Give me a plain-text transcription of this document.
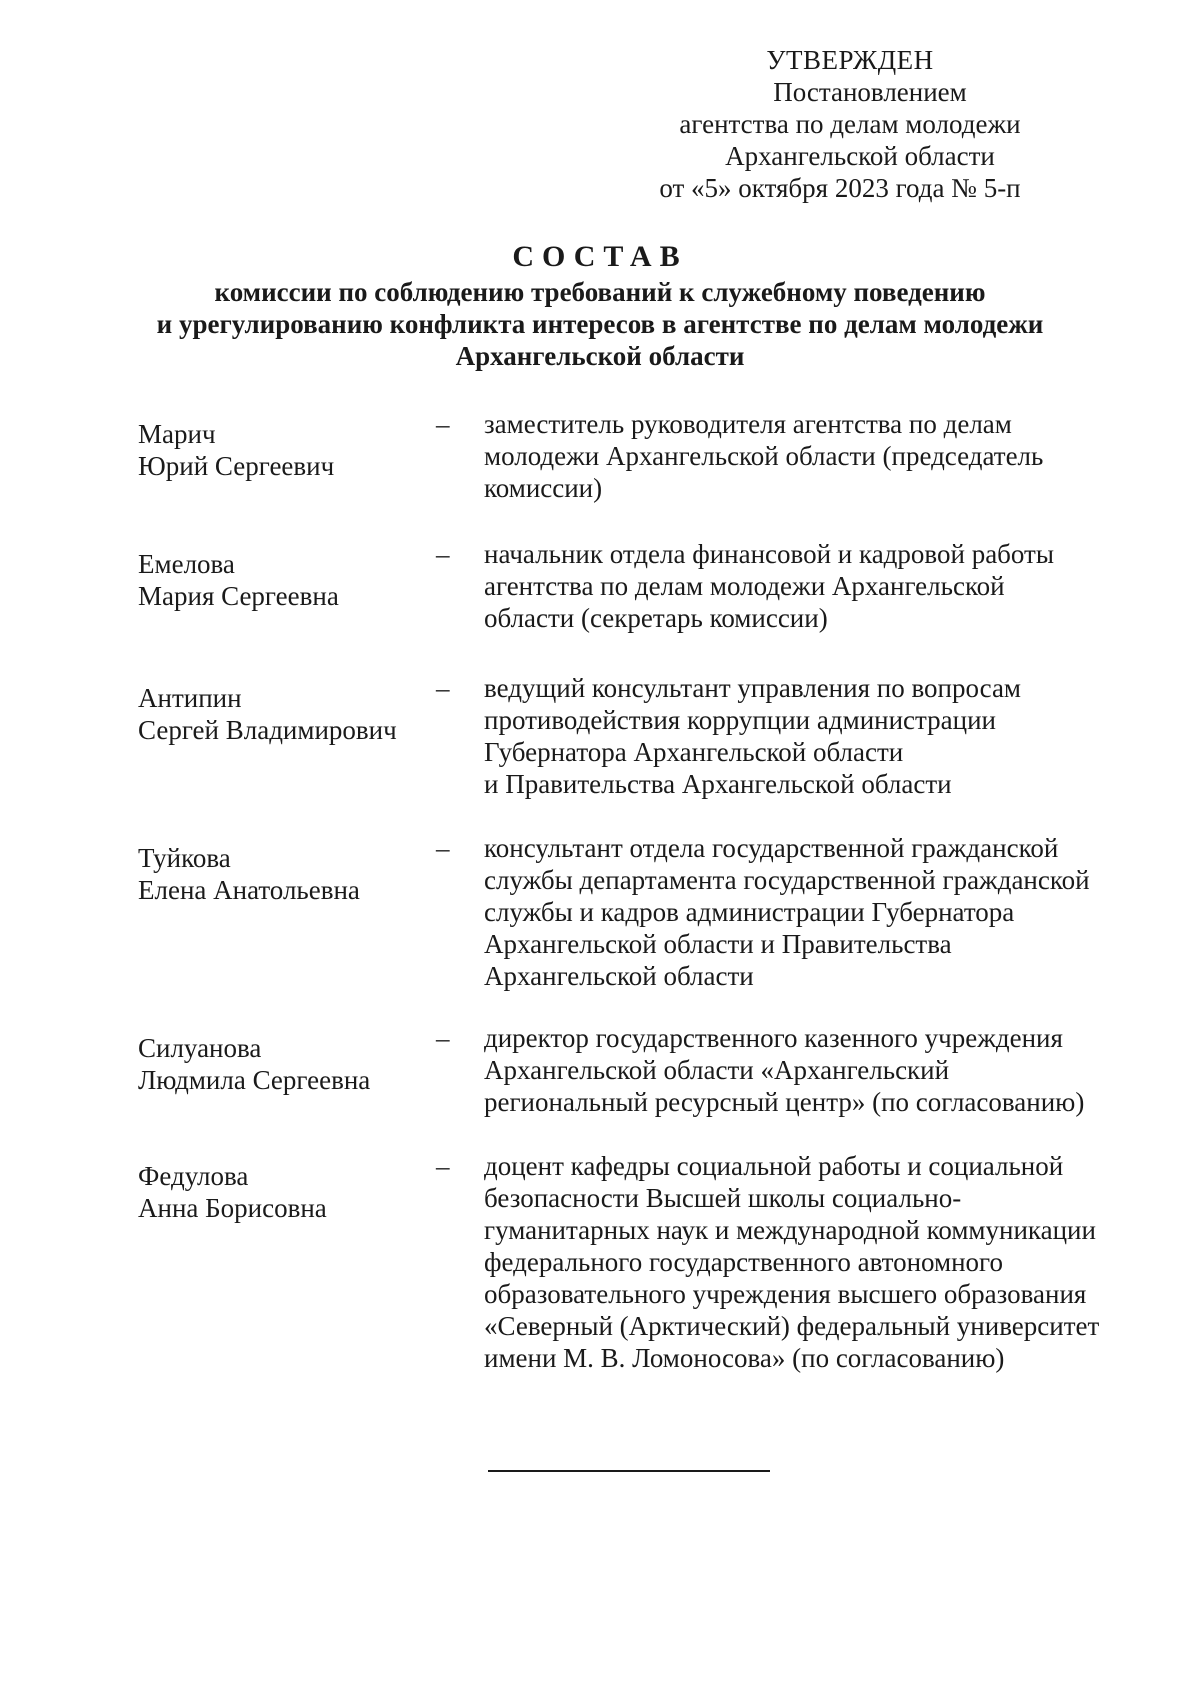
УТВЕРЖДЕН
Постановлением
агентства по делам молодежи
Архангельской области
от «5» октября 2023 года № 5-п
СОСТАВ
комиссии по соблюдению требований к служебному поведению
и урегулированию конфликта интересов в агентстве по делам молодежи
Архангельской области
Марич
Юрий Сергеевич
– заместитель руководителя агентства по делам
молодежи Архангельской области (председатель
комиссии)
Емелова
Мария Сергеевна
– начальник отдела финансовой и кадровой работы
агентства по делам молодежи Архангельской
области (секретарь комиссии)
Антипин
Сергей Владимирович
– ведущий консультант управления по вопросам
противодействия коррупции администрации
Губернатора Архангельской области
и Правительства Архангельской области
Туйкова
Елена Анатольевна
– консультант отдела государственной гражданской
службы департамента государственной гражданской
службы и кадров администрации Губернатора
Архангельской области и Правительства
Архангельской области
Силуанова
Людмила Сергеевна
– директор государственного казенного учреждения
Архангельской области «Архангельский
региональный ресурсный центр» (по согласованию)
Федулова
Анна Борисовна
– доцент кафедры социальной работы и социальной
безопасности Высшей школы социально-
гуманитарных наук и международной коммуникации
федерального государственного автономного
образовательного учреждения высшего образования
«Северный (Арктический) федеральный университет
имени М. В. Ломоносова» (по согласованию)
